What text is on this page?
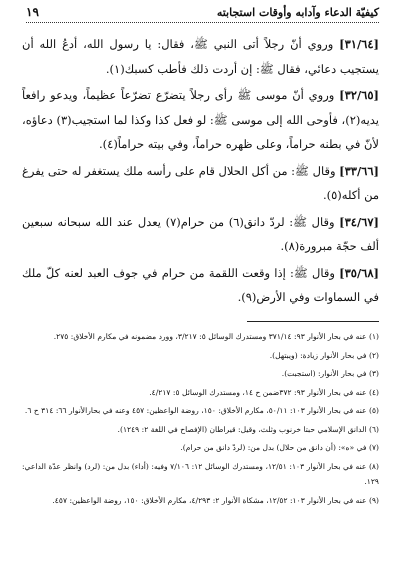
كيفيّة الدعاء وآدابه وأوقات استجابته
١٩

[٣١/٦٤] وروي أنّ رجلاً أتى النبي ﷺ، فقال: يا رسول الله، أدعُ الله أن يستجيب دعائي، فقال ﷺ: إن أردت ذلك فأطب كسبك(١).

[٣٢/٦٥] وروي أنّ موسى ﷺ رأى رجلاً يتضرّع تضرّعاً عظيماً، ويدعو رافعاً يديه(٢)، فأوحى الله إلى موسى ﷺ: لو فعل كذا وكذا لما استجيب(٣) دعاؤه، لأنّ في بطنه حراماً، وعلى ظهره حراماً، وفي بيته حراماً(٤).

[٣٣/٦٦] وقال ﷺ: من أكل الحلال قام على رأسه ملك يستغفر له حتى يفرغ من أكله(٥).

[٣٤/٦٧] وقال ﷺ: لردّ دانق(٦) من حرام(٧) يعدل عند الله سبحانه سبعين ألف حجّة مبرورة(٨).

[٣٥/٦٨] وقال ﷺ: إذا وقعت اللقمة من حرام في جوف العبد لعنه كلّ ملك في السماوات وفي الأرض(٩).

(١) عنه في بحار الأنوار ٩٣: ٣٧١/١٤ ومستدرك الوسائل ٥: ٣/٢١٧، وورد مضمونه في مكارم الأخلاق: ٢٧٥.

(٢) في بحار الأنوار زيادة: (ويبتهل).

(٣) في بحار الأنوار: (استجبت).

(٤) عنه في بحار الأنوار ٩٣: ٣٧٢ضمن ح ١٤، ومستدرك الوسائل ٥: ٤/٢١٧.

(٥) عنه في بحار الأنوار ١٠٣: ٥٠/١١، مكارم الأخلاق: ١٥٠، روضة الواعظين: ٤٥٧ وعنه في بحارالأنوار ٦٦: ٣١٤ ح ٦.

(٦) الدانق الإسلامي حبتا خرنوب وثلث، وقيل: قيراطان (الإفصاح في اللغة ٢: ١٢٤٩).

(٧) في «ه»: (أن دانق من حلال) بدل من: (لردّ دانق من حرام).

(٨) عنه في بحار الأنوار ١٠٣: ١٢/٥١، ومستدرك الوسائل ١٢: ٧/١٠٦ وفيه: (أداء) بدل من: (لرد) وانظر عدّة الداعي: ١٢٩.

(٩) عنه في بحار الأنوار ١٠٣: ١٢/٥٢، مشكاة الأنوار ٢: ٤/٢٩٣، مكارم الأخلاق: ١٥٠، روضة الواعظين: ٤٥٧.
